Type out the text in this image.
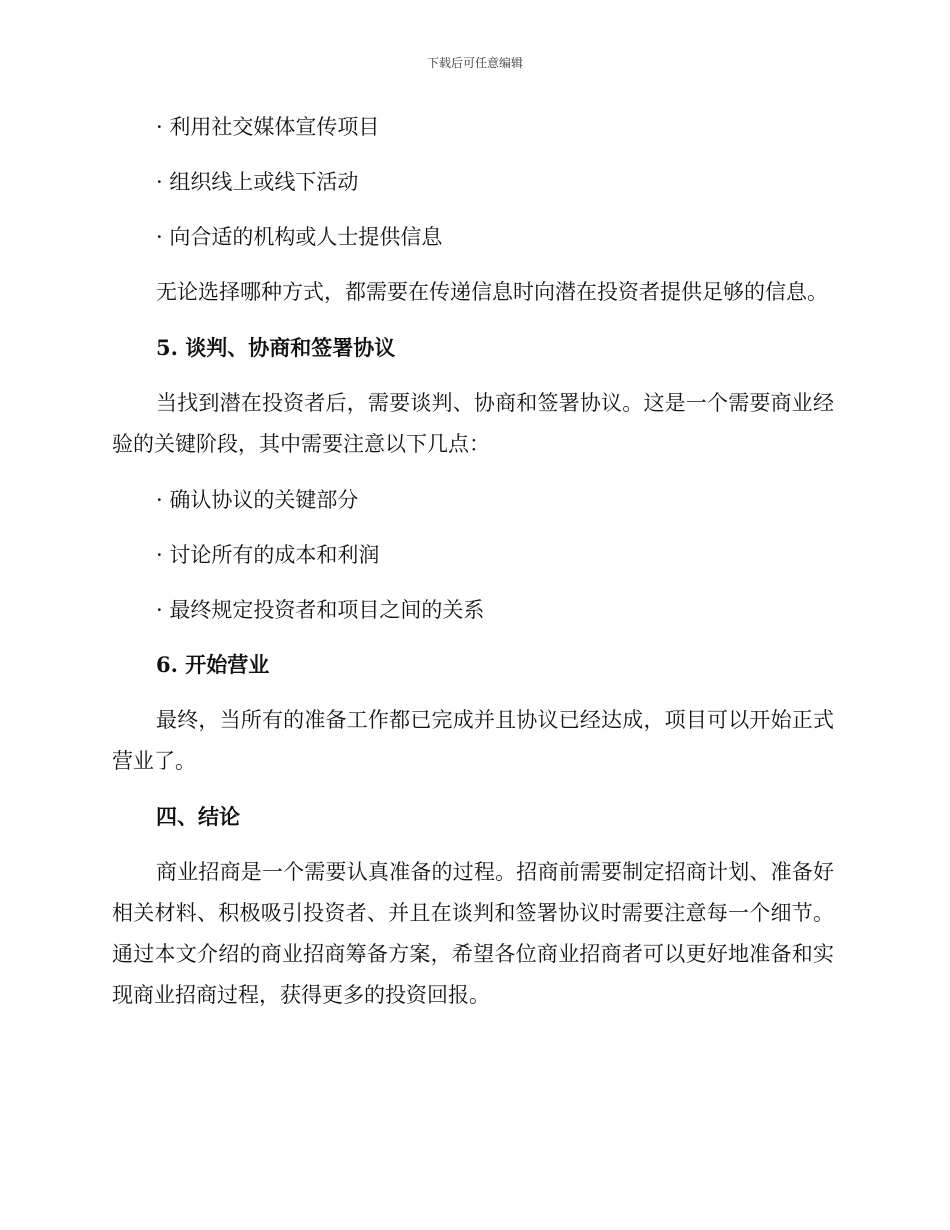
下载后可任意编辑
· 利用社交媒体宣传项目
· 组织线上或线下活动
· 向合适的机构或人士提供信息
无论选择哪种方式，都需要在传递信息时向潜在投资者提供足够的信息。
5. 谈判、协商和签署协议
当找到潜在投资者后，需要谈判、协商和签署协议。这是一个需要商业经验的关键阶段，其中需要注意以下几点：
· 确认协议的关键部分
· 讨论所有的成本和利润
· 最终规定投资者和项目之间的关系
6. 开始营业
最终，当所有的准备工作都已完成并且协议已经达成，项目可以开始正式营业了。
四、结论
商业招商是一个需要认真准备的过程。招商前需要制定招商计划、准备好相关材料、积极吸引投资者、并且在谈判和签署协议时需要注意每一个细节。通过本文介绍的商业招商筹备方案，希望各位商业招商者可以更好地准备和实现商业招商过程，获得更多的投资回报。
